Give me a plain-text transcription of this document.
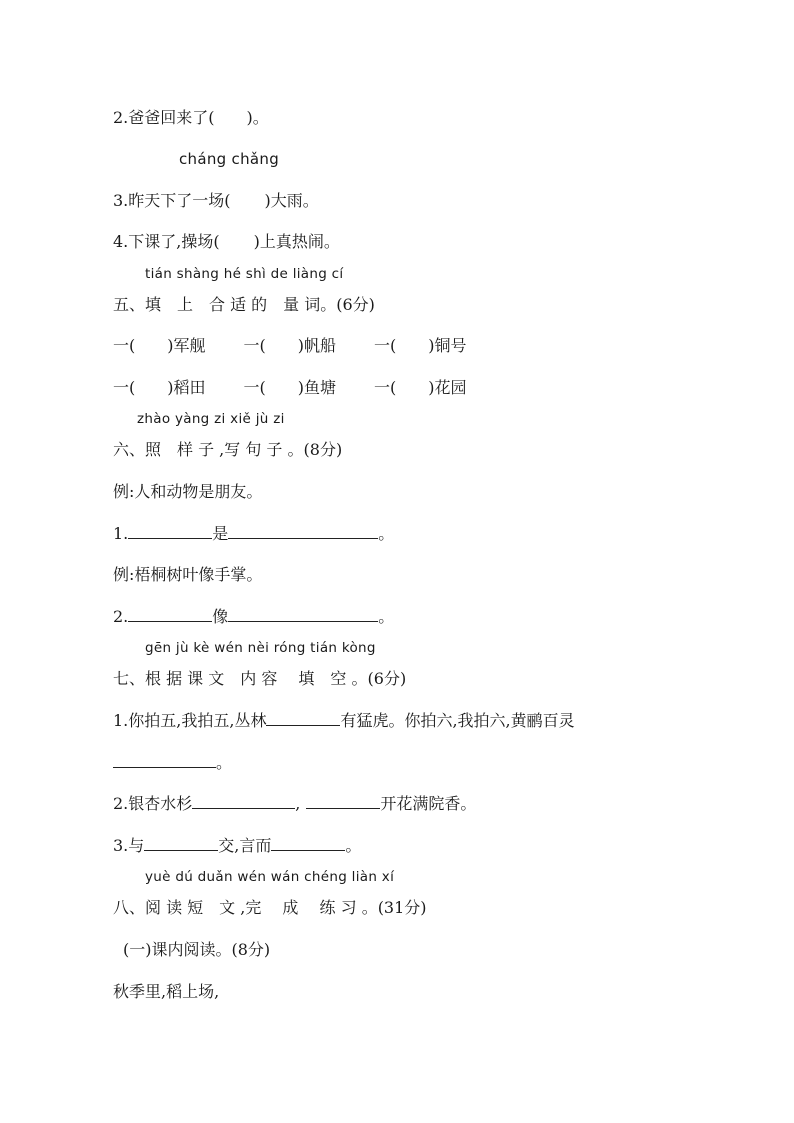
2.爸爸回来了( )。
cháng chǎng
3.昨天下了一场( )大雨。
4.下课了,操场( )上真热闹。
tián shàng hé shì de liàng cí
五、填　上　合 适 的　量 词。(6分)
一(　　)军舰 一(　　)帆船 一(　　)铜号
一(　　)稻田 一(　　)鱼塘 一(　　)花园
zhào yàng zi xiě jù zi
六、照　样 子 ,写 句 子 。(8分)
例:人和动物是朋友。
1.	是	。
例:梧桐树叶像手掌。
2.	像	。
gēn jù kè wén nèi róng tián kòng
七、根 据 课 文　内 容　 填　空 。(6分)
1.你拍五,我拍五,丛林	有猛虎。你拍六,我拍六,黄鹂百灵
。
2.银杏水杉	,	开花满院香。
3.与	交,言而	。
yuè dú duǎn wén wán chéng liàn xí
八、阅 读 短　文 ,完　 成　 练 习 。(31分)
(一)课内阅读。(8分)
秋季里,稻上场,
